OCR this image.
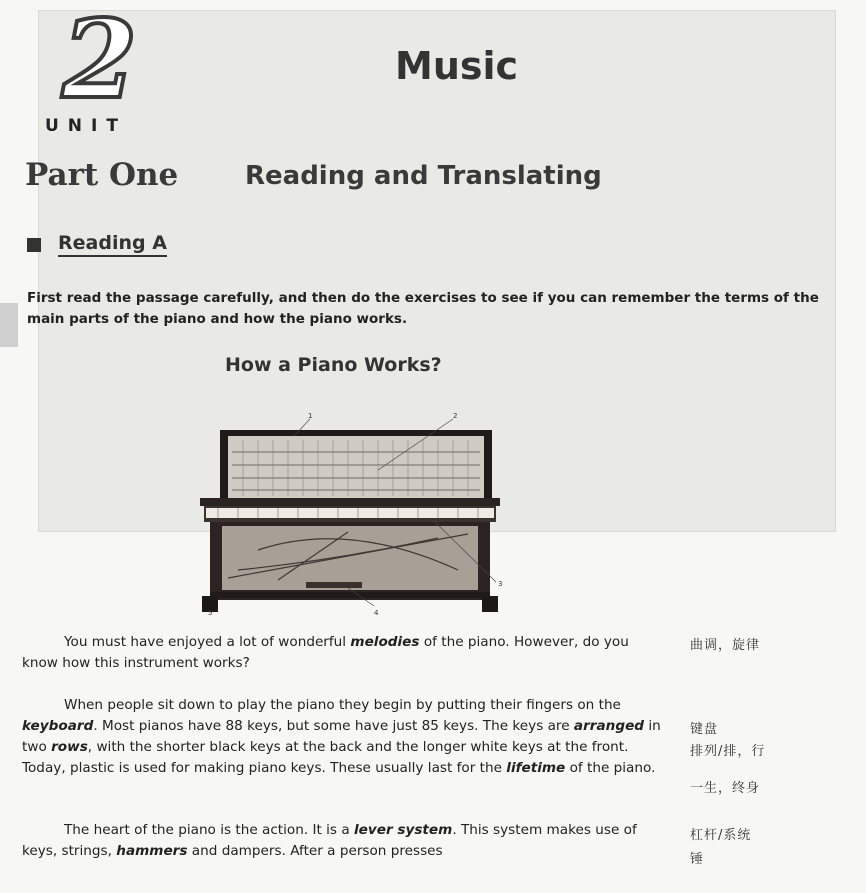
2
UNIT
Music
Part One	Reading and Translating
Reading A
First read the passage carefully, and then do the exercises to see if you can remember the terms of the main parts of the piano and how the piano works.
How a Piano Works?
1	2
3
4
5
You must have enjoyed a lot of wonderful melodies of the piano. However, do you know how this instrument works?
When people sit down to play the piano they begin by putting their fingers on the keyboard. Most pianos have 88 keys, but some have just 85 keys. The keys are arranged in two rows, with the shorter black keys at the back and the longer white keys at the front. Today, plastic is used for making piano keys. These usually last for the lifetime of the piano.
The heart of the piano is the action. It is a lever system. This system makes use of keys, strings, hammers and dampers. After a person presses
曲调，旋律
键盘
排列/排，行
一生，终身
杠杆/系统
锤
